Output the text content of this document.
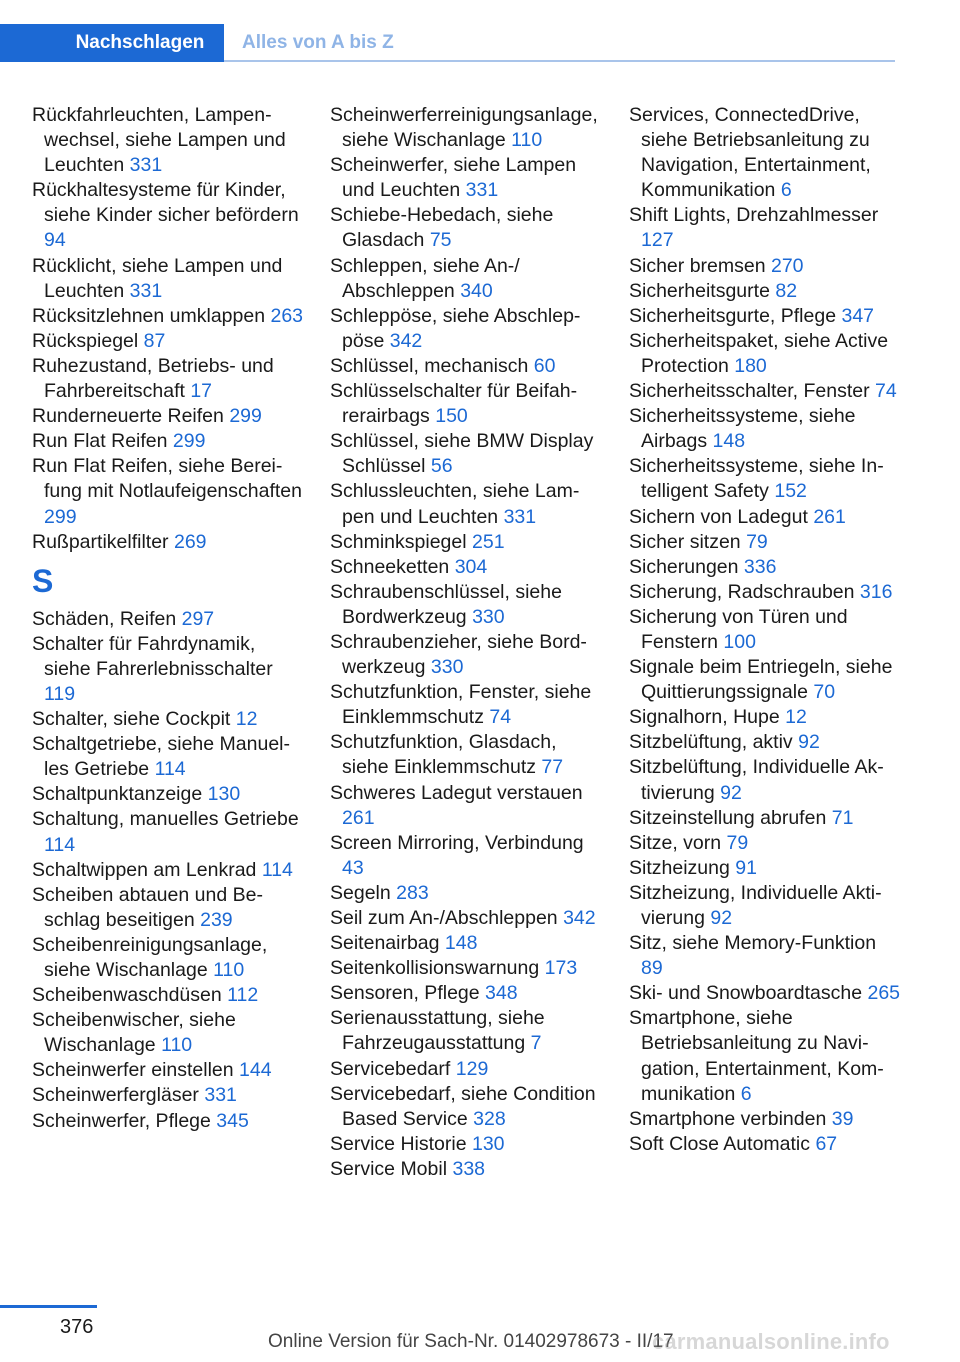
Nachschlagen	Alles von A bis Z
Rückfahrleuchten, Lampenwechsel, siehe Lampen und Leuchten 331
Rückhaltesysteme für Kinder, siehe Kinder sicher befördern 94
Rücklicht, siehe Lampen und Leuchten 331
Rücksitzlehnen umklappen 263
Rückspiegel 87
Ruhezustand, Betriebs- und Fahrbereitschaft 17
Runderneuerte Reifen 299
Run Flat Reifen 299
Run Flat Reifen, siehe Bereifung mit Notlaufeigenschaften 299
Rußpartikelfilter 269
S
Schäden, Reifen 297
Schalter für Fahrdynamik, siehe Fahrerlebnisschalter 119
Schalter, siehe Cockpit 12
Schaltgetriebe, siehe Manuelles Getriebe 114
Schaltpunktanzeige 130
Schaltung, manuelles Getriebe 114
Schaltwippen am Lenkrad 114
Scheiben abtauen und Beschlag beseitigen 239
Scheibenreinigungsanlage, siehe Wischanlage 110
Scheibenwaschdüsen 112
Scheibenwischer, siehe Wischanlage 110
Scheinwerfer einstellen 144
Scheinwerfergläser 331
Scheinwerfer, Pflege 345
Scheinwerferreinigungsanlage, siehe Wischanlage 110
Scheinwerfer, siehe Lampen und Leuchten 331
Schiebe-Hebedach, siehe Glasdach 75
Schleppen, siehe An-/ Abschleppen 340
Schleppöse, siehe Abschleppöse 342
Schlüssel, mechanisch 60
Schlüsselschalter für Beifahrerairbags 150
Schlüssel, siehe BMW Display Schlüssel 56
Schlussleuchten, siehe Lampen und Leuchten 331
Schminkspiegel 251
Schneeketten 304
Schraubenschlüssel, siehe Bordwerkzeug 330
Schraubenzieher, siehe Bordwerkzeug 330
Schutzfunktion, Fenster, siehe Einklemmschutz 74
Schutzfunktion, Glasdach, siehe Einklemmschutz 77
Schweres Ladegut verstauen 261
Screen Mirroring, Verbindung 43
Segeln 283
Seil zum An-/Abschleppen 342
Seitenairbag 148
Seitenkollisionswarnung 173
Sensoren, Pflege 348
Serienausstattung, siehe Fahrzeugausstattung 7
Servicebedarf 129
Servicebedarf, siehe Condition Based Service 328
Service Historie 130
Service Mobil 338
Services, ConnectedDrive, siehe Betriebsanleitung zu Navigation, Entertainment, Kommunikation 6
Shift Lights, Drehzahlmesser 127
Sicher bremsen 270
Sicherheitsgurte 82
Sicherheitsgurte, Pflege 347
Sicherheitspaket, siehe Active Protection 180
Sicherheitsschalter, Fenster 74
Sicherheitssysteme, siehe Airbags 148
Sicherheitssysteme, siehe Intelligent Safety 152
Sichern von Ladegut 261
Sicher sitzen 79
Sicherungen 336
Sicherung, Radschrauben 316
Sicherung von Türen und Fenstern 100
Signale beim Entriegeln, siehe Quittierungssignale 70
Signalhorn, Hupe 12
Sitzbelüftung, aktiv 92
Sitzbelüftung, Individuelle Aktivierung 92
Sitzeinstellung abrufen 71
Sitze, vorn 79
Sitzheizung 91
Sitzheizung, Individuelle Aktivierung 92
Sitz, siehe Memory-Funktion 89
Ski- und Snowboardtasche 265
Smartphone, siehe Betriebsanleitung zu Navigation, Entertainment, Kommunikation 6
Smartphone verbinden 39
Soft Close Automatic 67
376
Online Version für Sach-Nr. 01402978673 - II/17
carmanualsonline.info
